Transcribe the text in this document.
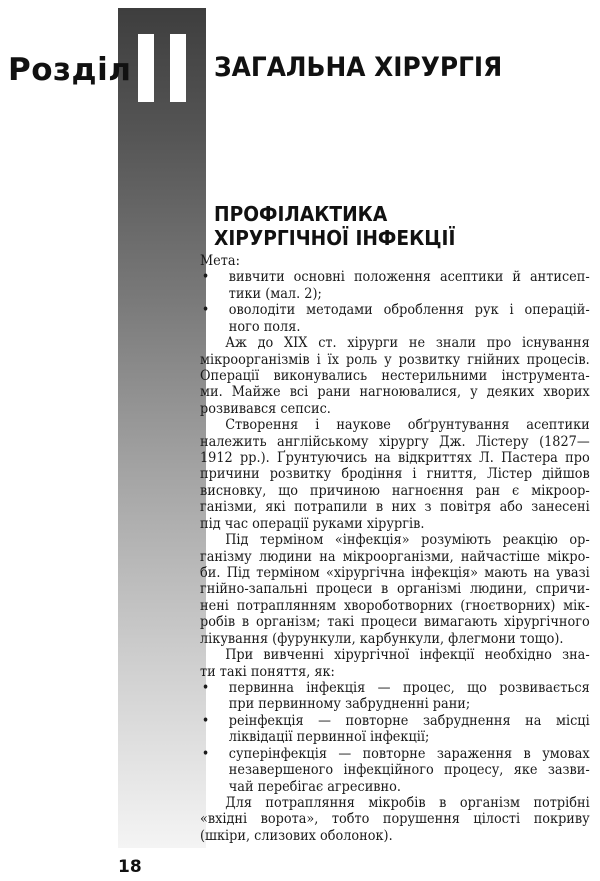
Розділ	ЗАГАЛЬНА ХІРУРГІЯ
ПРОФІЛАКТИКА
ХІРУРГІЧНОЇ ІНФЕКЦІЇ
Мета:
• вивчити основні положення асептики й антисеп-
тики (мал. 2);
• оволодіти методами оброблення рук і операцій-
ного поля.
Аж до XIX ст. хірурги не знали про існування
мікроорганізмів і їх роль у розвитку гнійних процесів.
Операції виконувались нестерильними інструмента-
ми. Майже всі рани нагноювалися, у деяких хворих
розвивався сепсис.
Створення і наукове обґрунтування асептики
належить англійському хірургу Дж. Лістеру (1827—
1912 рр.). Ґрунтуючись на відкриттях Л. Пастера про
причини розвитку бродіння і гниття, Лістер дійшов
висновку, що причиною нагноєння ран є мікроор-
ганізми, які потрапили в них з повітря або занесені
під час операції руками хірургів.
Під терміном «інфекція» розуміють реакцію ор-
ганізму людини на мікроорганізми, найчастіше мікро-
би. Під терміном «хірургічна інфекція» мають на увазі
гнійно-запальні процеси в організмі людини, спричи-
нені потраплянням хвороботворних (гноєтворних) мік-
робів в організм; такі процеси вимагають хірургічного
лікування (фурункули, карбункули, флегмони тощо).
При вивченні хірургічної інфекції необхідно зна-
ти такі поняття, як:
• первинна інфекція — процес, що розвивається
при первинному забрудненні рани;
• реінфекція — повторне забруднення на місці
ліквідації первинної інфекції;
• суперінфекція — повторне зараження в умовах
незавершеного інфекційного процесу, яке зазви-
чай перебігає агресивно.
Для потрапляння мікробів в організм потрібні
«вхідні ворота», тобто порушення цілості покриву
(шкіри, слизових оболонок).
18
